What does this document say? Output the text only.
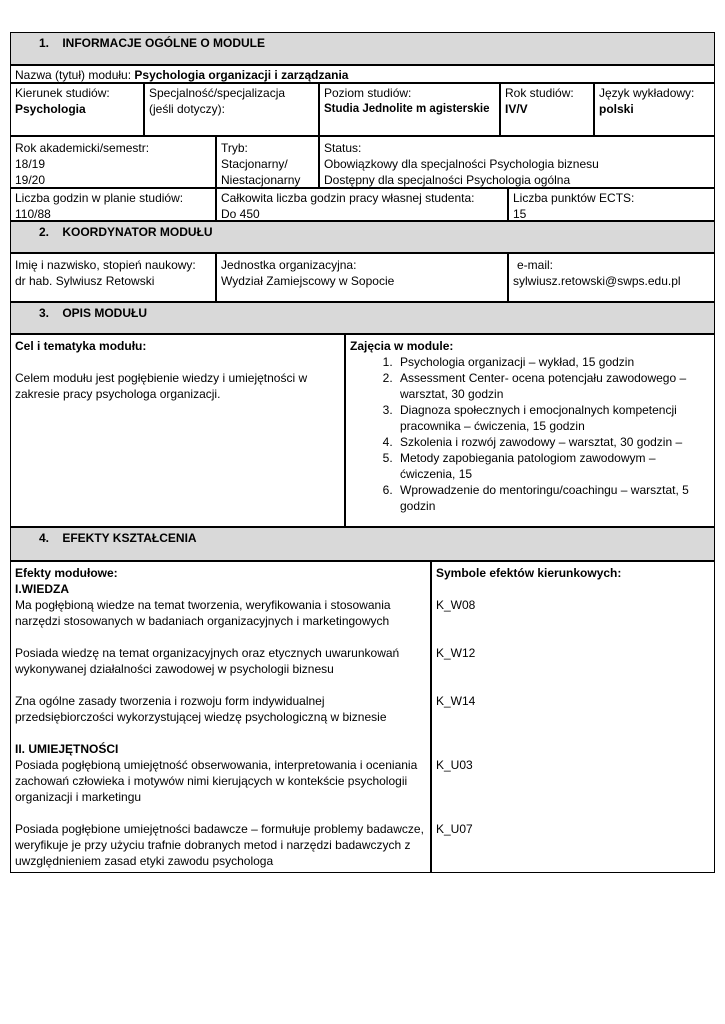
1. INFORMACJE OGÓLNE O MODULE
Nazwa (tytuł) modułu: Psychologia organizacji i zarządzania
Kierunek studiów:
Psychologia
Specjalność/specjalizacja
(jeśli dotyczy):
Poziom studiów:
Studia Jednolite m agisterskie
Rok studiów:
IV/V
Język wykładowy:
polski
Rok akademicki/semestr:
18/19
19/20
Tryb:
Stacjonarny/
Niestacjonarny
Status:
Obowiązkowy dla specjalności Psychologia biznesu
Dostępny dla specjalności Psychologia ogólna
Liczba godzin w planie studiów:
110/88
Całkowita liczba godzin pracy własnej studenta:
Do 450
Liczba punktów ECTS:
15
2. KOORDYNATOR MODUŁU
Imię i nazwisko, stopień naukowy:
dr hab. Sylwiusz Retowski
Jednostka organizacyjna:
Wydział Zamiejscowy w Sopocie
e-mail:
sylwiusz.retowski@swps.edu.pl
3. OPIS MODUŁU
Cel i tematyka modułu:
Celem modułu jest pogłębienie wiedzy i umiejętności w zakresie pracy psychologa organizacji.
Zajęcia w module:
1. Psychologia organizacji – wykład, 15 godzin
2. Assessment Center- ocena potencjału zawodowego – warsztat, 30 godzin
3. Diagnoza społecznych i emocjonalnych kompetencji pracownika – ćwiczenia, 15 godzin
4. Szkolenia i rozwój zawodowy – warsztat, 30 godzin –
5. Metody zapobiegania patologiom zawodowym – ćwiczenia, 15
6. Wprowadzenie do mentoringu/coachingu – warsztat, 5 godzin
4. EFEKTY KSZTAŁCENIA
Efekty modułowe:
I.WIEDZA
Ma pogłębioną wiedze na temat tworzenia, weryfikowania i stosowania narzędzi stosowanych w badaniach organizacyjnych i marketingowych
Posiada wiedzę na temat organizacyjnych oraz etycznych uwarunkowań wykonywanej działalności zawodowej w psychologii biznesu
Zna ogólne zasady tworzenia i rozwoju form indywidualnej przedsiębiorczości wykorzystującej wiedzę psychologiczną w biznesie
II. UMIEJĘTNOŚCI
Posiada pogłębioną umiejętność obserwowania, interpretowania i oceniania zachowań człowieka i motywów nimi kierujących w kontekście psychologii organizacji i marketingu
Posiada pogłębione umiejętności badawcze – formułuje problemy badawcze, weryfikuje je przy użyciu trafnie dobranych metod i narzędzi badawczych z uwzględnieniem zasad etyki zawodu psychologa
Symbole efektów kierunkowych:
K_W08
K_W12
K_W14
K_U03
K_U07
